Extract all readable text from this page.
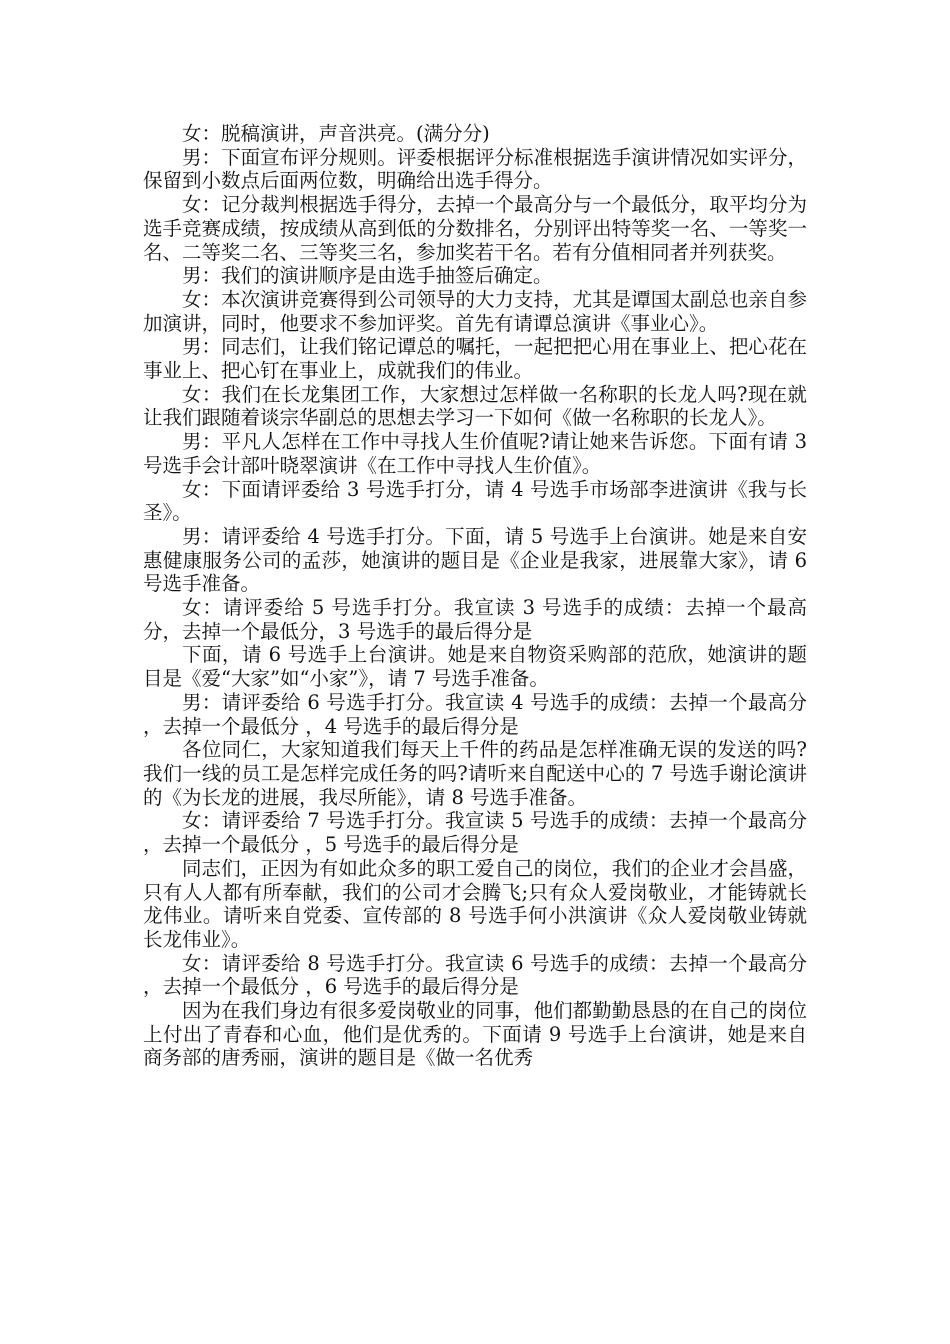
女：脱稿演讲，声音洪亮。(满分分)

男：下面宣布评分规则。评委根据评分标准根据选手演讲情况如实评分，保留到小数点后面两位数，明确给出选手得分。

女：记分裁判根据选手得分，去掉一个最高分与一个最低分，取平均分为选手竞赛成绩，按成绩从高到低的分数排名，分别评出特等奖一名、一等奖一名、二等奖二名、三等奖三名，参加奖若干名。若有分值相同者并列获奖。

男：我们的演讲顺序是由选手抽签后确定。

女：本次演讲竞赛得到公司领导的大力支持，尤其是谭国太副总也亲自参加演讲，同时，他要求不参加评奖。首先有请谭总演讲《事业心》。

男：同志们，让我们铭记谭总的嘱托，一起把把心用在事业上、把心花在事业上、把心钉在事业上，成就我们的伟业。

女：我们在长龙集团工作，大家想过怎样做一名称职的长龙人吗?现在就让我们跟随着谈宗华副总的思想去学习一下如何《做一名称职的长龙人》。

男：平凡人怎样在工作中寻找人生价值呢?请让她来告诉您。下面有请 3 号选手会计部叶晓翠演讲《在工作中寻找人生价值》。

女：下面请评委给 3 号选手打分，请 4 号选手市场部李进演讲《我与长圣》。

男：请评委给 4 号选手打分。下面，请 5 号选手上台演讲。她是来自安惠健康服务公司的孟莎，她演讲的题目是《企业是我家，进展靠大家》，请 6 号选手准备。

女：请评委给 5 号选手打分。我宣读 3 号选手的成绩：去掉一个最高分，去掉一个最低分，3 号选手的最后得分是

下面，请 6 号选手上台演讲。她是来自物资采购部的范欣，她演讲的题目是《爱“大家”如“小家”》，请 7 号选手准备。

男：请评委给 6 号选手打分。我宣读 4 号选手的成绩：去掉一个最高分 ，去掉一个最低分 ，4 号选手的最后得分是

各位同仁，大家知道我们每天上千件的药品是怎样准确无误的发送的吗?我们一线的员工是怎样完成任务的吗?请听来自配送中心的 7 号选手谢论演讲的《为长龙的进展，我尽所能》，请 8 号选手准备。

女：请评委给 7 号选手打分。我宣读 5 号选手的成绩：去掉一个最高分 ，去掉一个最低分 ，5 号选手的最后得分是

同志们，正因为有如此众多的职工爱自己的岗位，我们的企业才会昌盛，只有人人都有所奉献，我们的公司才会腾飞;只有众人爱岗敬业，才能铸就长龙伟业。请听来自党委、宣传部的 8 号选手何小洪演讲《众人爱岗敬业铸就长龙伟业》。

女：请评委给 8 号选手打分。我宣读 6 号选手的成绩：去掉一个最高分 ，去掉一个最低分 ，6 号选手的最后得分是

因为在我们身边有很多爱岗敬业的同事，他们都勤勤恳恳的在自己的岗位上付出了青春和心血，他们是优秀的。下面请 9 号选手上台演讲，她是来自商务部的唐秀丽，演讲的题目是《做一名优秀
